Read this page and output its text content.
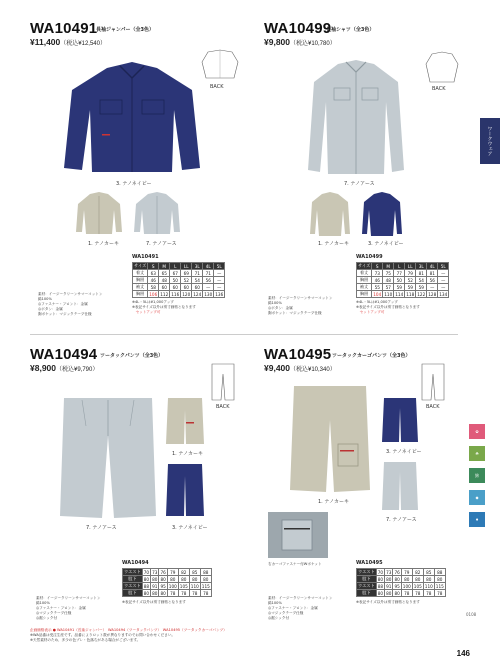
ワークウェア
WA10491
長袖ジャンパー（全3色）
¥11,400（税込¥12,540）
BACK
3. ナノネイビー
1. ナノカーキ	7. ナノアース
WA10491
サイズ	S	M	L	LL	3L	4L	5L
着丈	63	65	67	69	71	71	—
胸囲	46	48	50	52	54	56	—
袖丈	58	60	60	60	60	—	—
胸囲	106	112	116	120	124	130	136
素材：イージークリーンサマーコットン
綿100%
◎ファスナー・フロント：金属
◎ボタン：金属
胸ポケット：マジックテープ仕様
※4L・5Lは¥1,000アップ
※表記サイズ以外は別寸価格となります
　セットアップ可
WA10499
長袖シャツ（全3色）
¥9,800（税込¥10,780）
BACK
7. ナノアース
1. ナノカーキ	3. ナノネイビー
WA10499
サイズ	S	M	L	LL	3L	4L	5L
着丈	73	75	77	79	81	81	—
胸囲	46	48	50	52	54	56	—
袖丈	55	57	59	59	59	—	—
胸囲	104	110	114	118	122	128	134
素材：イージークリーンサマーコットン
綿100%
◎ボタン：金属
胸ポケット：マジックテープ仕様
※4L・5Lは¥1,000アップ
※表記サイズ以外は別寸価格となります
　セットアップ可
WA10494 ツータックパンツ（全3色）
¥8,900（税込¥9,790）
BACK
7. ナノアース
1. ナノカーキ
3. ナノネイビー
WA10494
ウエスト	70	73	76	79	82	85	88
股下	80	80	80	80	80	80	80
ウエスト	88	91	95	100	105	110	115
股下	80	80	80	78	78	78	78
素材：イージークリーンサマーコットン
綿100%
◎ファスナー・フロント：金属
◎マジックテープ仕様
◎裾シック付
※表記サイズ以外は別寸価格となります
WA10495 ツータックカーゴパンツ（全3色）
¥9,400（税込¥10,340）
BACK
1. ナノカーキ
3. ナノネイビー
7. ナノアース
右カーゴファスナー付Wポケット	WA10495
ウエスト	70	73	76	79	82	85	88
股下	80	80	80	80	80	80	80
ウエスト	88	91	95	100	105	110	115
股下	80	80	80	78	78	78	78
素材：イージークリーンサマーコットン
綿100%
◎ファスナー・フロント：金属
◎マジックテープ仕様
◎裾シック付
※表記サイズ以外は別寸価格となります
✿
☘
綿
◆
♦
0108
企画価格表示 ● WA10491（長袖ジャンパー）　WA10494（ツータックパンツ）　WA10495（ツータックカーゴパンツ）
※WA品番は受注生産です。品番によりロット数が異なりますのでお問い合わせください。
※天然素材のため、多少の色ブレ・色落ちがある場合がございます。
146
